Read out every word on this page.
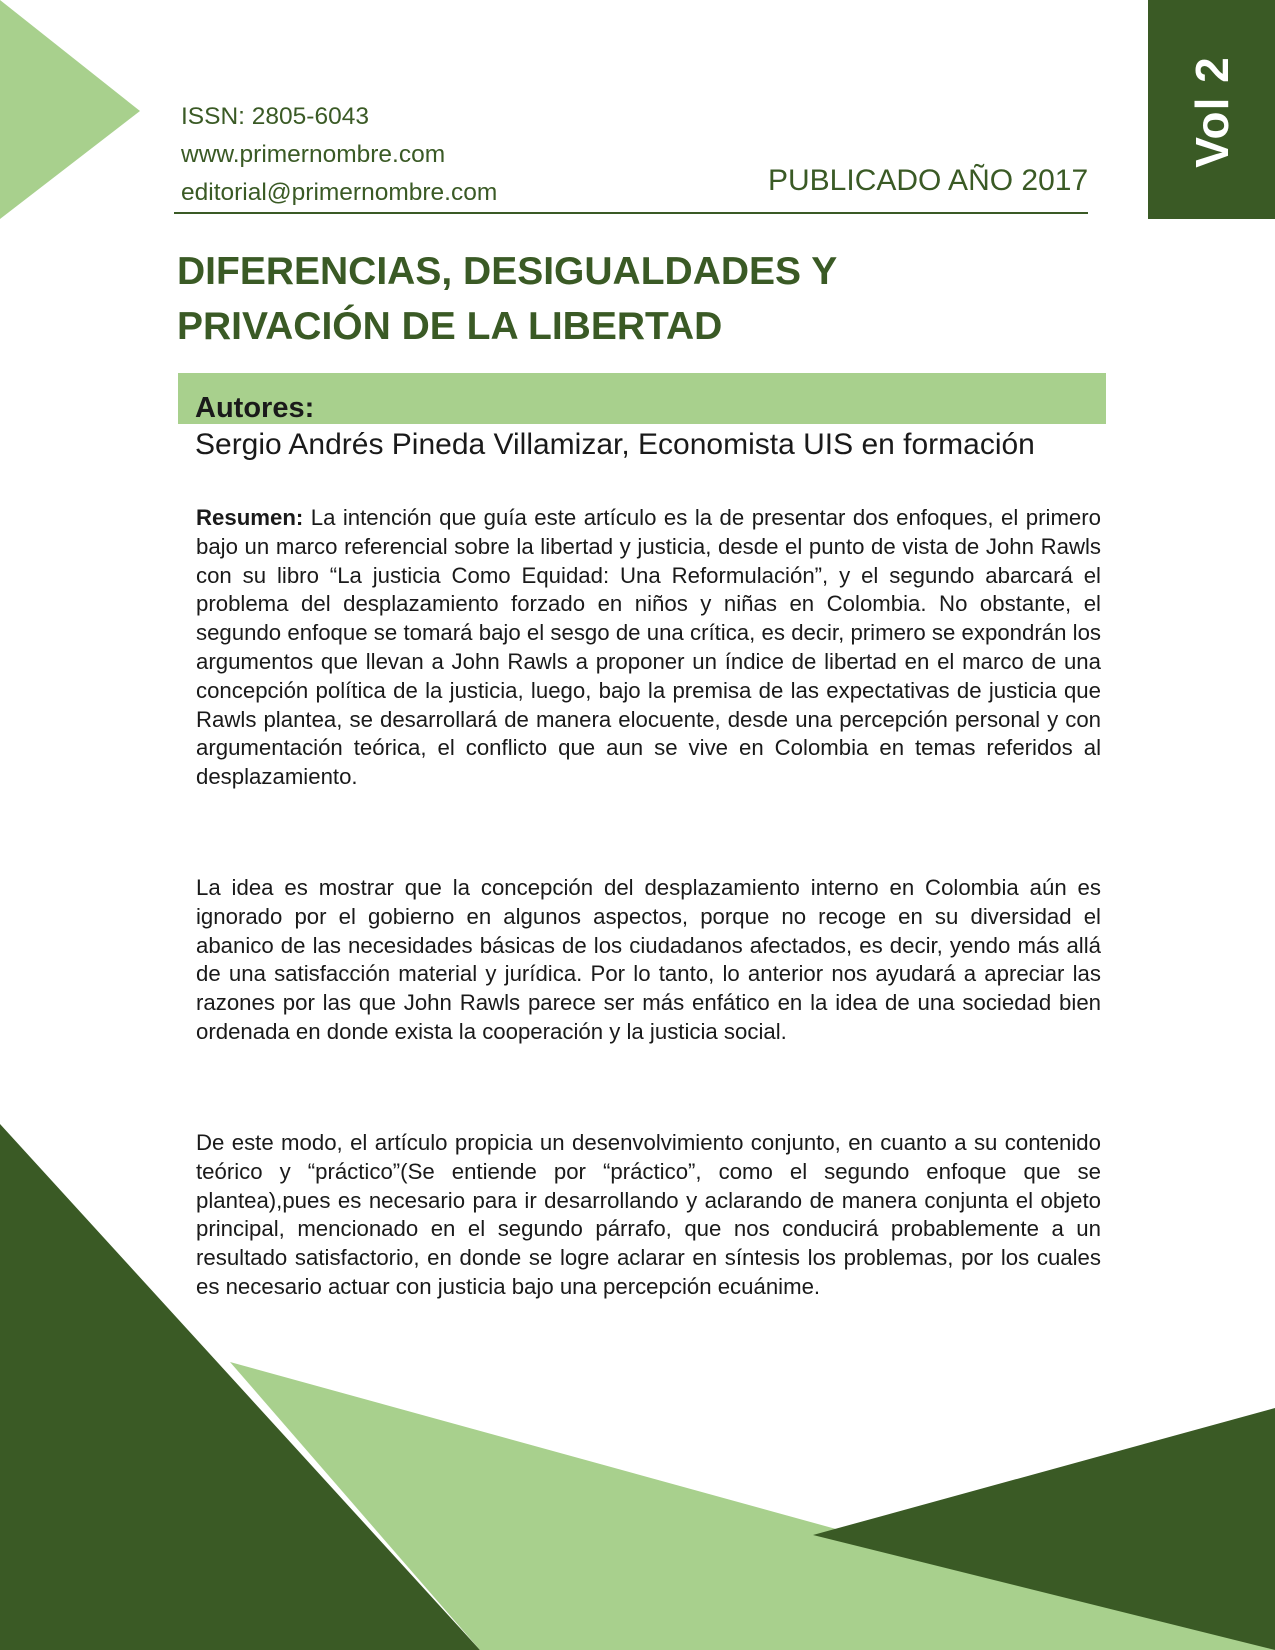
Vol 2
ISSN: 2805-6043
www.primernombre.com
editorial@primernombre.com	PUBLICADO AÑO 2017
DIFERENCIAS, DESIGUALDADES Y
PRIVACIÓN DE LA LIBERTAD
Autores:
Sergio Andrés Pineda Villamizar, Economista UIS en formación

Resumen: La intención que guía este artículo es la de presentar dos enfoques, el primero bajo un marco referencial sobre la libertad y justicia, desde el punto de vista de John Rawls con su libro “La justicia Como Equidad: Una Reformulación”, y el segundo abarcará el problema del desplazamiento forzado en niños y niñas en Colombia. No obstante, el segundo enfoque se tomará bajo el sesgo de una crítica, es decir, primero se expondrán los argumentos que llevan a John Rawls a proponer un índice de libertad en el marco de una concepción política de la justicia, luego, bajo la premisa de las expectativas de justicia que Rawls plantea, se desarrollará de manera elocuente, desde una percepción personal y con argumentación teórica, el conflicto que aun se vive en Colombia en temas referidos al desplazamiento.

La idea es mostrar que la concepción del desplazamiento interno en Colombia aún es ignorado por el gobierno en algunos aspectos, porque no recoge en su diversidad el abanico de las necesidades básicas de los ciudadanos afectados, es decir, yendo más allá de una satisfacción material y jurídica. Por lo tanto, lo anterior nos ayudará a apreciar las razones por las que John Rawls parece ser más enfático en la idea de una sociedad bien ordenada en donde exista la cooperación y la justicia social.

De este modo, el artículo propicia un desenvolvimiento conjunto, en cuanto a su contenido teórico y “práctico”(Se entiende por “práctico”, como el segundo enfoque que se plantea),pues es necesario para ir desarrollando y aclarando de manera conjunta el objeto principal, mencionado en el segundo párrafo, que nos conducirá probablemente a un resultado satisfactorio, en donde se logre aclarar en síntesis los problemas, por los cuales es necesario actuar con justicia bajo una percepción ecuánime.
